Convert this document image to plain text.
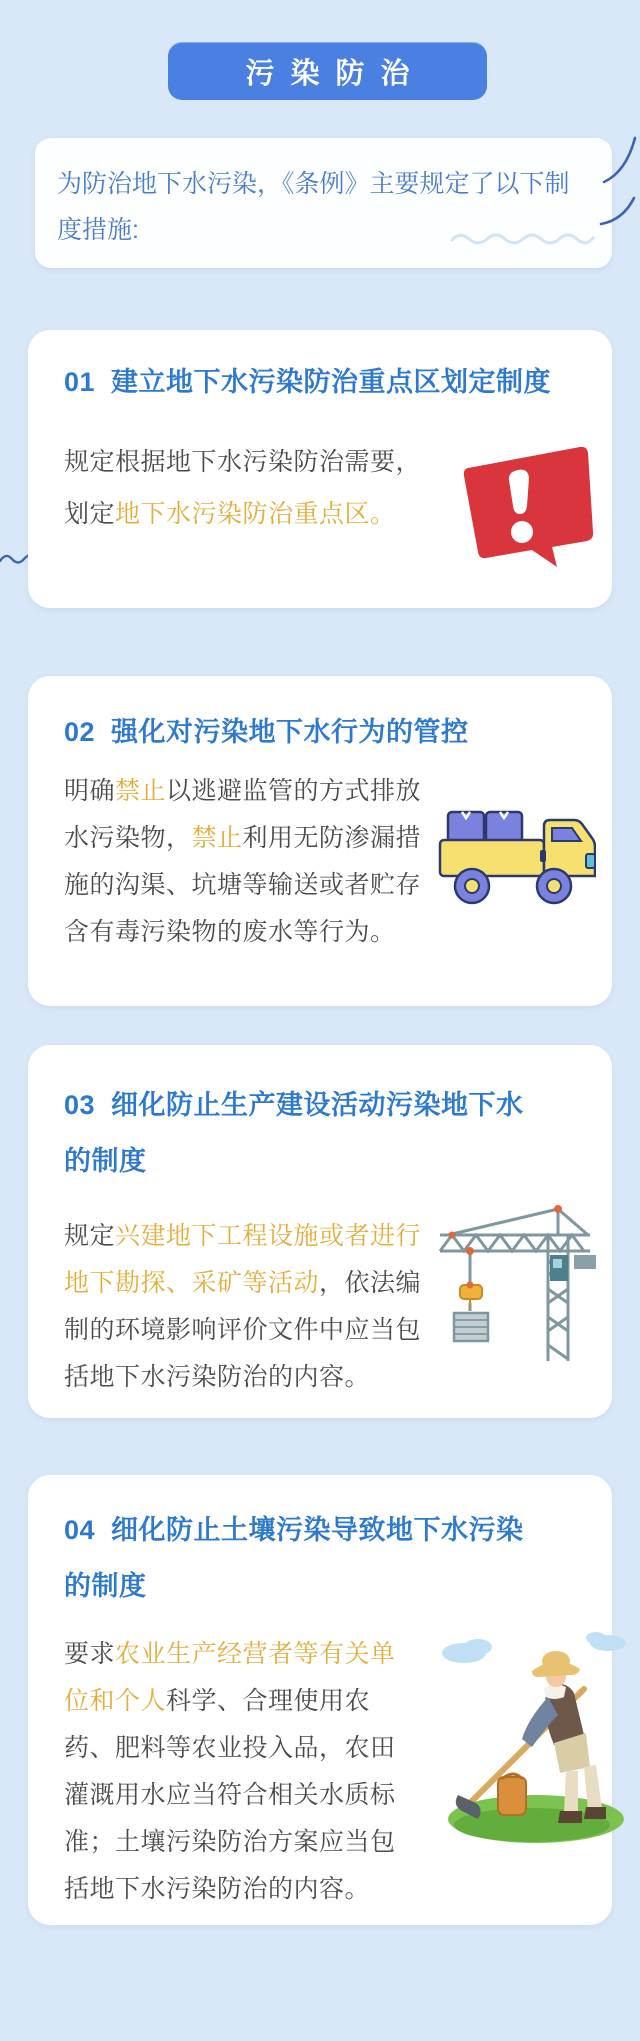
污染防治
为防治地下水污染，《条例》主要规定了以下制
度措施:
01  建立地下水污染防治重点区划定制度
规定根据地下水污染防治需要，
划定地下水污染防治重点区。
02  强化对污染地下水行为的管控
明确禁止以逃避监管的方式排放
水污染物，禁止利用无防渗漏措
施的沟渠、坑塘等输送或者贮存
含有毒污染物的废水等行为。
03  细化防止生产建设活动污染地下水
的制度
规定兴建地下工程设施或者进行
地下勘探、采矿等活动，依法编
制的环境影响评价文件中应当包
括地下水污染防治的内容。
04  细化防止土壤污染导致地下水污染
的制度
要求农业生产经营者等有关单
位和个人科学、合理使用农
药、肥料等农业投入品，农田
灌溉用水应当符合相关水质标
准；土壤污染防治方案应当包
括地下水污染防治的内容。
